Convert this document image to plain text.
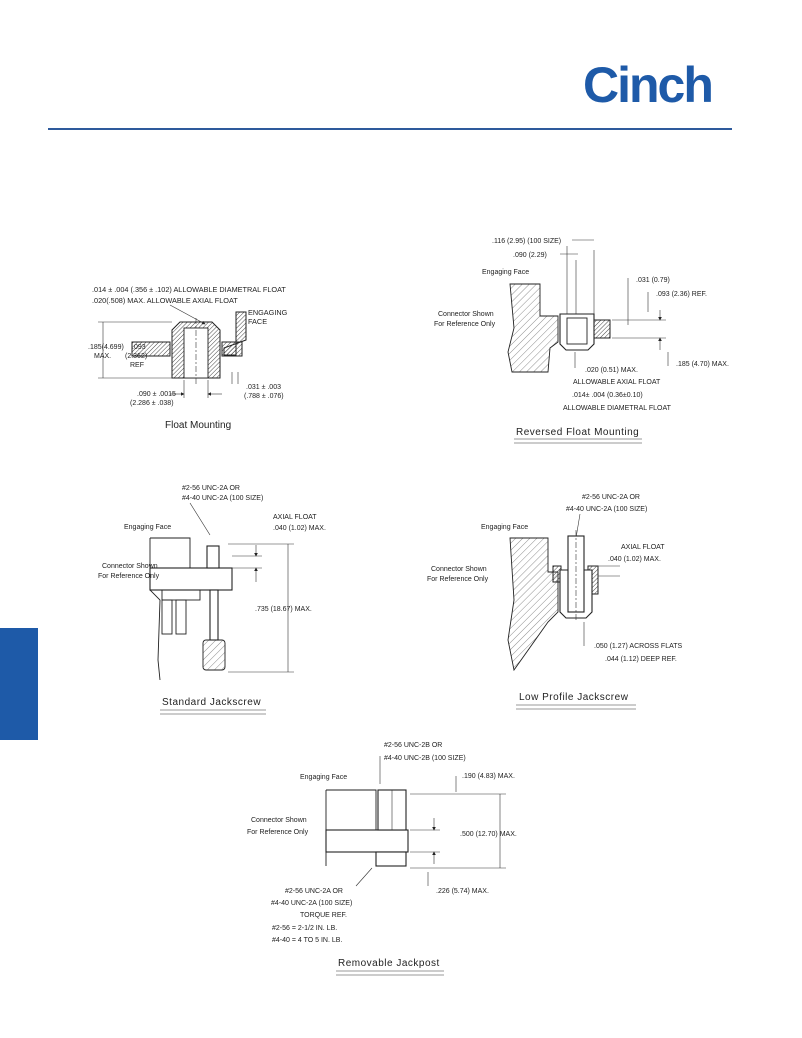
Cinch
.014 ± .004 (.356 ± .102) ALLOWABLE DIAMETRAL FLOAT
.020(.508) MAX. ALLOWABLE AXIAL FLOAT
ENGAGING
FACE
.185(4.699)
MAX.
.093
(2.362)
REF
.090 ± .0015
(2.286 ± .038)
.031 ± .003
(.788 ± .076)
Float Mounting
.116 (2.95) (100 SIZE)
.090 (2.29)
Engaging Face
Connector Shown
For Reference Only
.031 (0.79)
.093 (2.36) REF.
.185 (4.70) MAX.
.020 (0.51) MAX.
ALLOWABLE AXIAL FLOAT
.014± .004 (0.36±0.10)
ALLOWABLE DIAMETRAL FLOAT
Reversed Float Mounting
#2-56 UNC-2A OR
#4-40 UNC-2A (100 SIZE)
Engaging Face
AXIAL FLOAT
.040 (1.02) MAX.
.735 (18.67) MAX.
Connector Shown
For Reference Only
Standard Jackscrew
#2-56 UNC-2A OR
#4-40 UNC-2A (100 SIZE)
Engaging Face
AXIAL FLOAT
.040 (1.02) MAX.
Connector Shown
For Reference Only
.050 (1.27) ACROSS FLATS
.044 (1.12) DEEP REF.
Low Profile Jackscrew
#2-56 UNC-2B OR
#4-40 UNC-2B (100 SIZE)
Engaging Face	.190 (4.83) MAX.
.500 (12.70) MAX.
Connector Shown
For Reference Only
.226 (5.74) MAX.
#2-56 UNC-2A OR
#4-40 UNC-2A (100 SIZE)
TORQUE REF.
#2-56 = 2-1/2 IN. LB.
#4-40 = 4 TO 5 IN. LB.
Removable Jackpost
